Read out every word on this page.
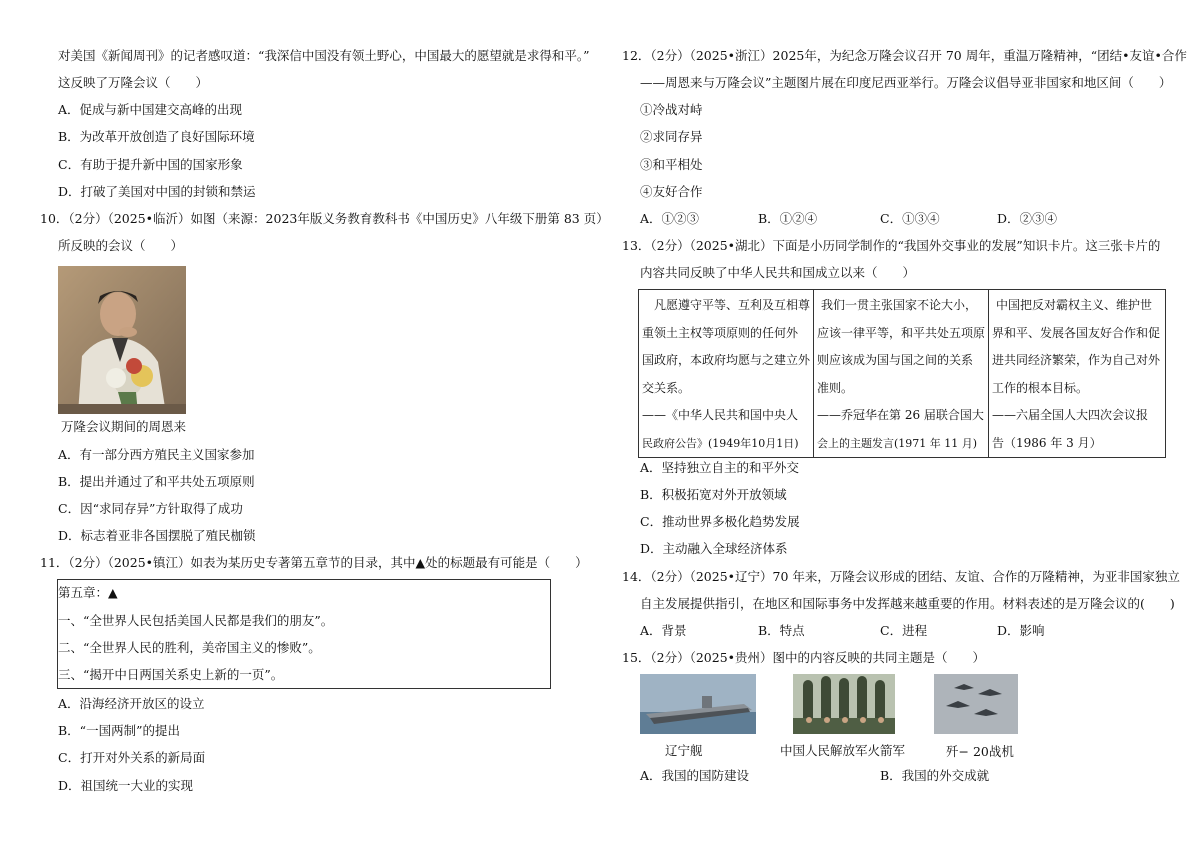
对美国《新闻周刊》的记者感叹道：“我深信中国没有领土野心，中国最大的愿望就是求得和平。”
这反映了万隆会议（　　）
A．促成与新中国建交高峰的出现
B．为改革开放创造了良好国际环境
C．有助于提升新中国的国家形象
D．打破了美国对中国的封锁和禁运
10．（2分）（2025•临沂）如图（来源：2023年版义务教育教科书《中国历史》八年级下册第 83 页）
所反映的会议（　　）
万隆会议期间的周恩来
A．有一部分西方殖民主义国家参加
B．提出并通过了和平共处五项原则
C．因“求同存异”方针取得了成功
D．标志着亚非各国摆脱了殖民枷锁
11．（2分）（2025•镇江）如表为某历史专著第五章节的目录，其中▲处的标题最有可能是（　　）
第五章：▲
一、“全世界人民包括美国人民都是我们的朋友”。
二、“全世界人民的胜利，美帝国主义的惨败”。
三、“揭开中日两国关系史上新的一页”。
A．沿海经济开放区的设立
B．“一国两制”的提出
C．打开对外关系的新局面
D．祖国统一大业的实现
12．（2分）（2025•浙江）2025年，为纪念万隆会议召开 70 周年，重温万隆精神，“团结•友谊•合作
——周恩来与万隆会议”主题图片展在印度尼西亚举行。万隆会议倡导亚非国家和地区间（　　）
①冷战对峙
②求同存异
③和平相处
④友好合作
A．①②③	B．①②④	C．①③④	D．②③④
13．（2分）（2025•湖北）下面是小历同学制作的“我国外交事业的发展”知识卡片。这三张卡片的
内容共同反映了中华人民共和国成立以来（　　）
凡愿遵守平等、互利及互相尊
重领土主权等项原则的任何外
国政府，本政府均愿与之建立外
交关系。
——《中华人民共和国中央人
民政府公告》(1949年10月1日)

我们一贯主张国家不论大小，
应该一律平等，和平共处五项原
则应该成为国与国之间的关系
准则。
——乔冠华在第 26 届联合国大
会上的主题发言(1971 年 11 月)

中国把反对霸权主义、维护世
界和平、发展各国友好合作和促
进共同经济繁荣，作为自己对外
工作的根本目标。
——六届全国人大四次会议报
告（1986 年 3 月）
A．坚持独立自主的和平外交
B．积极拓宽对外开放领域
C．推动世界多极化趋势发展
D．主动融入全球经济体系
14．（2分）（2025•辽宁）70 年来，万隆会议形成的团结、友谊、合作的万隆精神，为亚非国家独立
自主发展提供指引，在地区和国际事务中发挥越来越重要的作用。材料表述的是万隆会议的(　　)
A．背景	B．特点	C．进程	D．影响
15．（2分）（2025•贵州）图中的内容反映的共同主题是（　　）
辽宁舰	中国人民解放军火箭军	歼− 20战机
A．我国的国防建设	B．我国的外交成就
